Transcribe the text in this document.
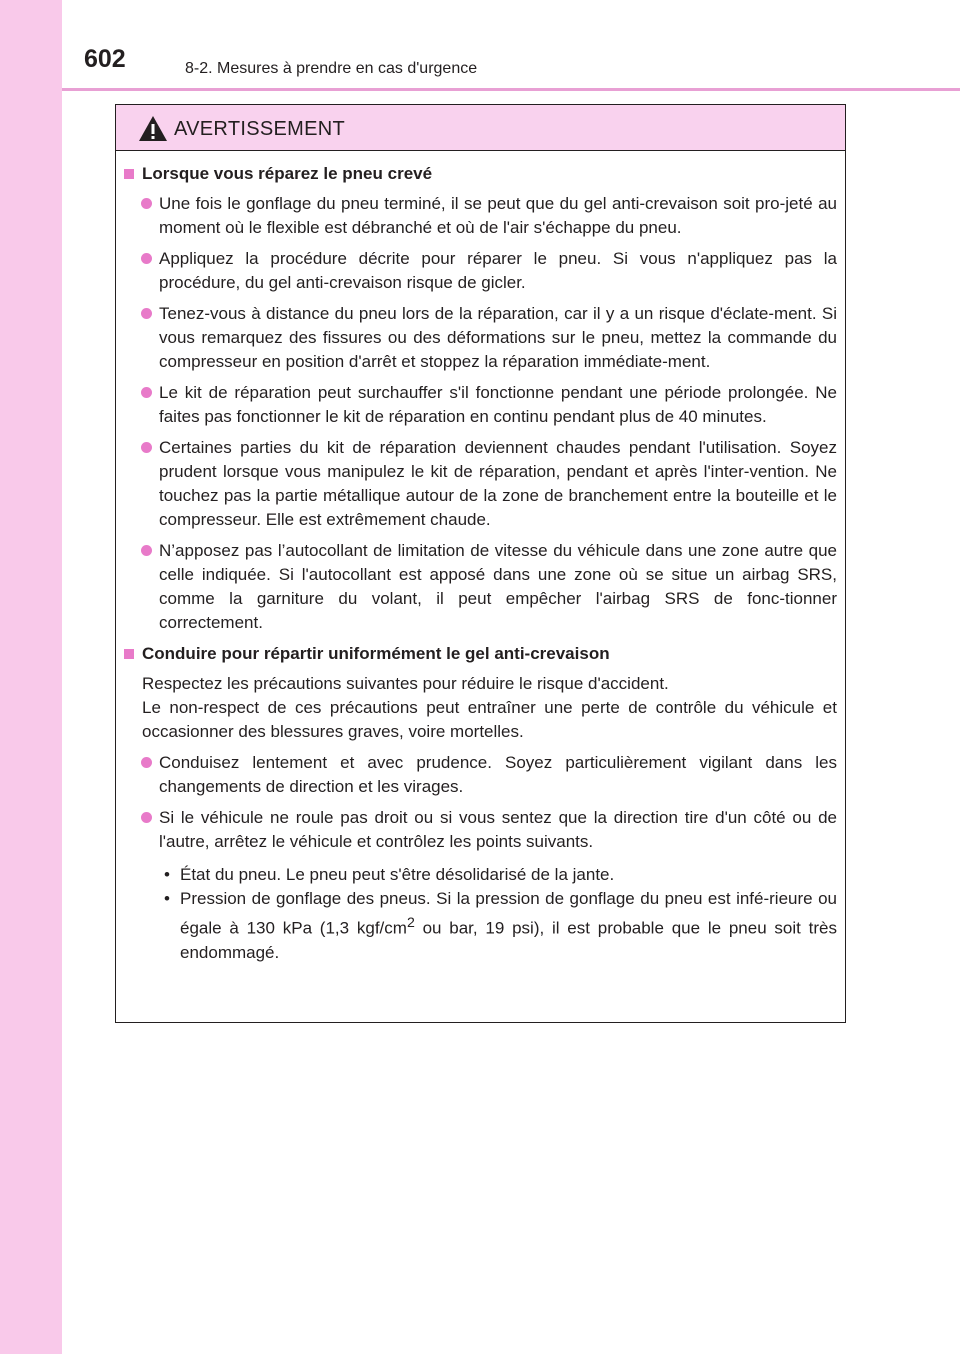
602	8-2. Mesures à prendre en cas d'urgence
AVERTISSEMENT
Lorsque vous réparez le pneu crevé
Une fois le gonflage du pneu terminé, il se peut que du gel anti-crevaison soit pro-jeté au moment où le flexible est débranché et où de l'air s'échappe du pneu.
Appliquez la procédure décrite pour réparer le pneu. Si vous n'appliquez pas la procédure, du gel anti-crevaison risque de gicler.
Tenez-vous à distance du pneu lors de la réparation, car il y a un risque d'éclate-ment. Si vous remarquez des fissures ou des déformations sur le pneu, mettez la commande du compresseur en position d'arrêt et stoppez la réparation immédiate-ment.
Le kit de réparation peut surchauffer s'il fonctionne pendant une période prolongée. Ne faites pas fonctionner le kit de réparation en continu pendant plus de 40 minutes.
Certaines parties du kit de réparation deviennent chaudes pendant l'utilisation. Soyez prudent lorsque vous manipulez le kit de réparation, pendant et après l'inter-vention. Ne touchez pas la partie métallique autour de la zone de branchement entre la bouteille et le compresseur. Elle est extrêmement chaude.
N’apposez pas l’autocollant de limitation de vitesse du véhicule dans une zone autre que celle indiquée. Si l'autocollant est apposé dans une zone où se situe un airbag SRS, comme la garniture du volant, il peut empêcher l'airbag SRS de fonc-tionner correctement.
Conduire pour répartir uniformément le gel anti-crevaison
Respectez les précautions suivantes pour réduire le risque d'accident.
Le non-respect de ces précautions peut entraîner une perte de contrôle du véhicule et occasionner des blessures graves, voire mortelles.
Conduisez lentement et avec prudence. Soyez particulièrement vigilant dans les changements de direction et les virages.
Si le véhicule ne roule pas droit ou si vous sentez que la direction tire d'un côté ou de l'autre, arrêtez le véhicule et contrôlez les points suivants.
• État du pneu. Le pneu peut s'être désolidarisé de la jante.
• Pression de gonflage des pneus. Si la pression de gonflage du pneu est infé-rieure ou égale à 130 kPa (1,3 kgf/$cm^2$ ou bar, 19 psi), il est probable que le pneu soit très endommagé.
